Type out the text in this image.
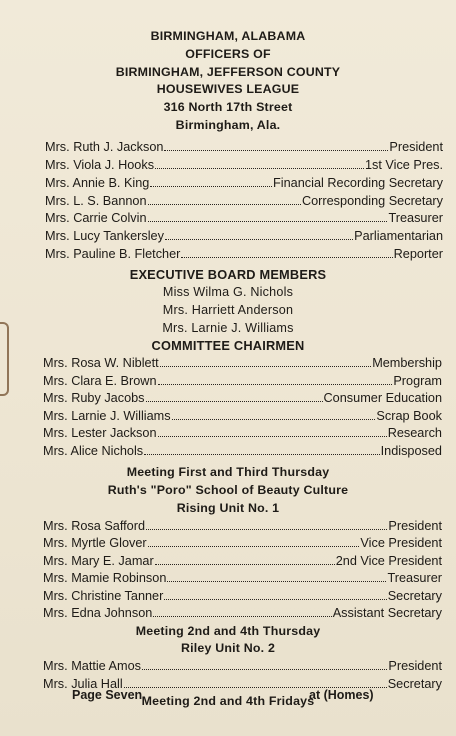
BIRMINGHAM, ALABAMA
OFFICERS OF
BIRMINGHAM, JEFFERSON COUNTY
HOUSEWIVES LEAGUE
316 North 17th Street
Birmingham, Ala.
Mrs. Ruth J. Jackson	President
Mrs. Viola J. Hooks	1st Vice Pres.
Mrs. Annie B. King	Financial Recording Secretary
Mrs. L. S. Bannon	Corresponding Secretary
Mrs. Carrie Colvin	Treasurer
Mrs. Lucy Tankersley	Parliamentarian
Mrs. Pauline B. Fletcher	Reporter
EXECUTIVE BOARD MEMBERS
Miss Wilma G. Nichols
Mrs. Harriett Anderson
Mrs. Larnie J. Williams
COMMITTEE CHAIRMEN
Mrs. Rosa W. Niblett	Membership
Mrs. Clara E. Brown	Program
Mrs. Ruby Jacobs	Consumer Education
Mrs. Larnie J. Williams	Scrap Book
Mrs. Lester Jackson	Research
Mrs. Alice Nichols	Indisposed
Meeting First and Third Thursday
Ruth's "Poro" School of Beauty Culture
Rising Unit No. 1
Mrs. Rosa Safford	President
Mrs. Myrtle Glover	Vice President
Mrs. Mary E. Jamar	2nd Vice President
Mrs. Mamie Robinson	Treasurer
Mrs. Christine Tanner	Secretary
Mrs. Edna Johnson	Assistant Secretary
Meeting 2nd and 4th Thursday
Riley Unit No. 2
Mrs. Mattie Amos	President
Mrs. Julia Hall	Secretary
Meeting 2nd and 4th Fridays
Page Seven	at (Homes)
